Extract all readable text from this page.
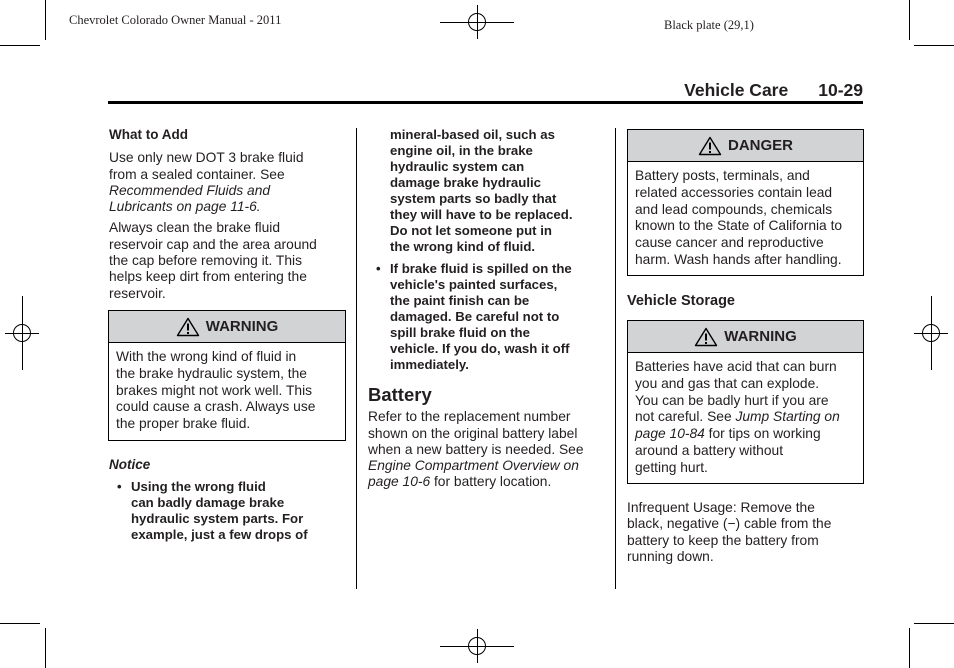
Chevrolet Colorado Owner Manual - 2011	Black plate (29,1)
Vehicle Care 10-29

What to Add

Use only new DOT 3 brake fluid
from a sealed container. See
Recommended Fluids and
Lubricants on page 11-6.

Always clean the brake fluid
reservoir cap and the area around
the cap before removing it. This
helps keep dirt from entering the
reservoir.

WARNING
With the wrong kind of fluid in
the brake hydraulic system, the
brakes might not work well. This
could cause a crash. Always use
the proper brake fluid.

Notice

• Using the wrong fluid
can badly damage brake
hydraulic system parts. For
example, just a few drops of
mineral-based oil, such as
engine oil, in the brake
hydraulic system can
damage brake hydraulic
system parts so badly that
they will have to be replaced.
Do not let someone put in
the wrong kind of fluid.
• If brake fluid is spilled on the
vehicle's painted surfaces,
the paint finish can be
damaged. Be careful not to
spill brake fluid on the
vehicle. If you do, wash it off
immediately.

Battery

Refer to the replacement number
shown on the original battery label
when a new battery is needed. See
Engine Compartment Overview on
page 10-6 for battery location.

DANGER
Battery posts, terminals, and
related accessories contain lead
and lead compounds, chemicals
known to the State of California to
cause cancer and reproductive
harm. Wash hands after handling.
Vehicle Storage
WARNING
Batteries have acid that can burn
you and gas that can explode.
You can be badly hurt if you are
not careful. See Jump Starting on
page 10-84 for tips on working
around a battery without
getting hurt.
Infrequent Usage: Remove the
black, negative (−) cable from the
battery to keep the battery from
running down.
